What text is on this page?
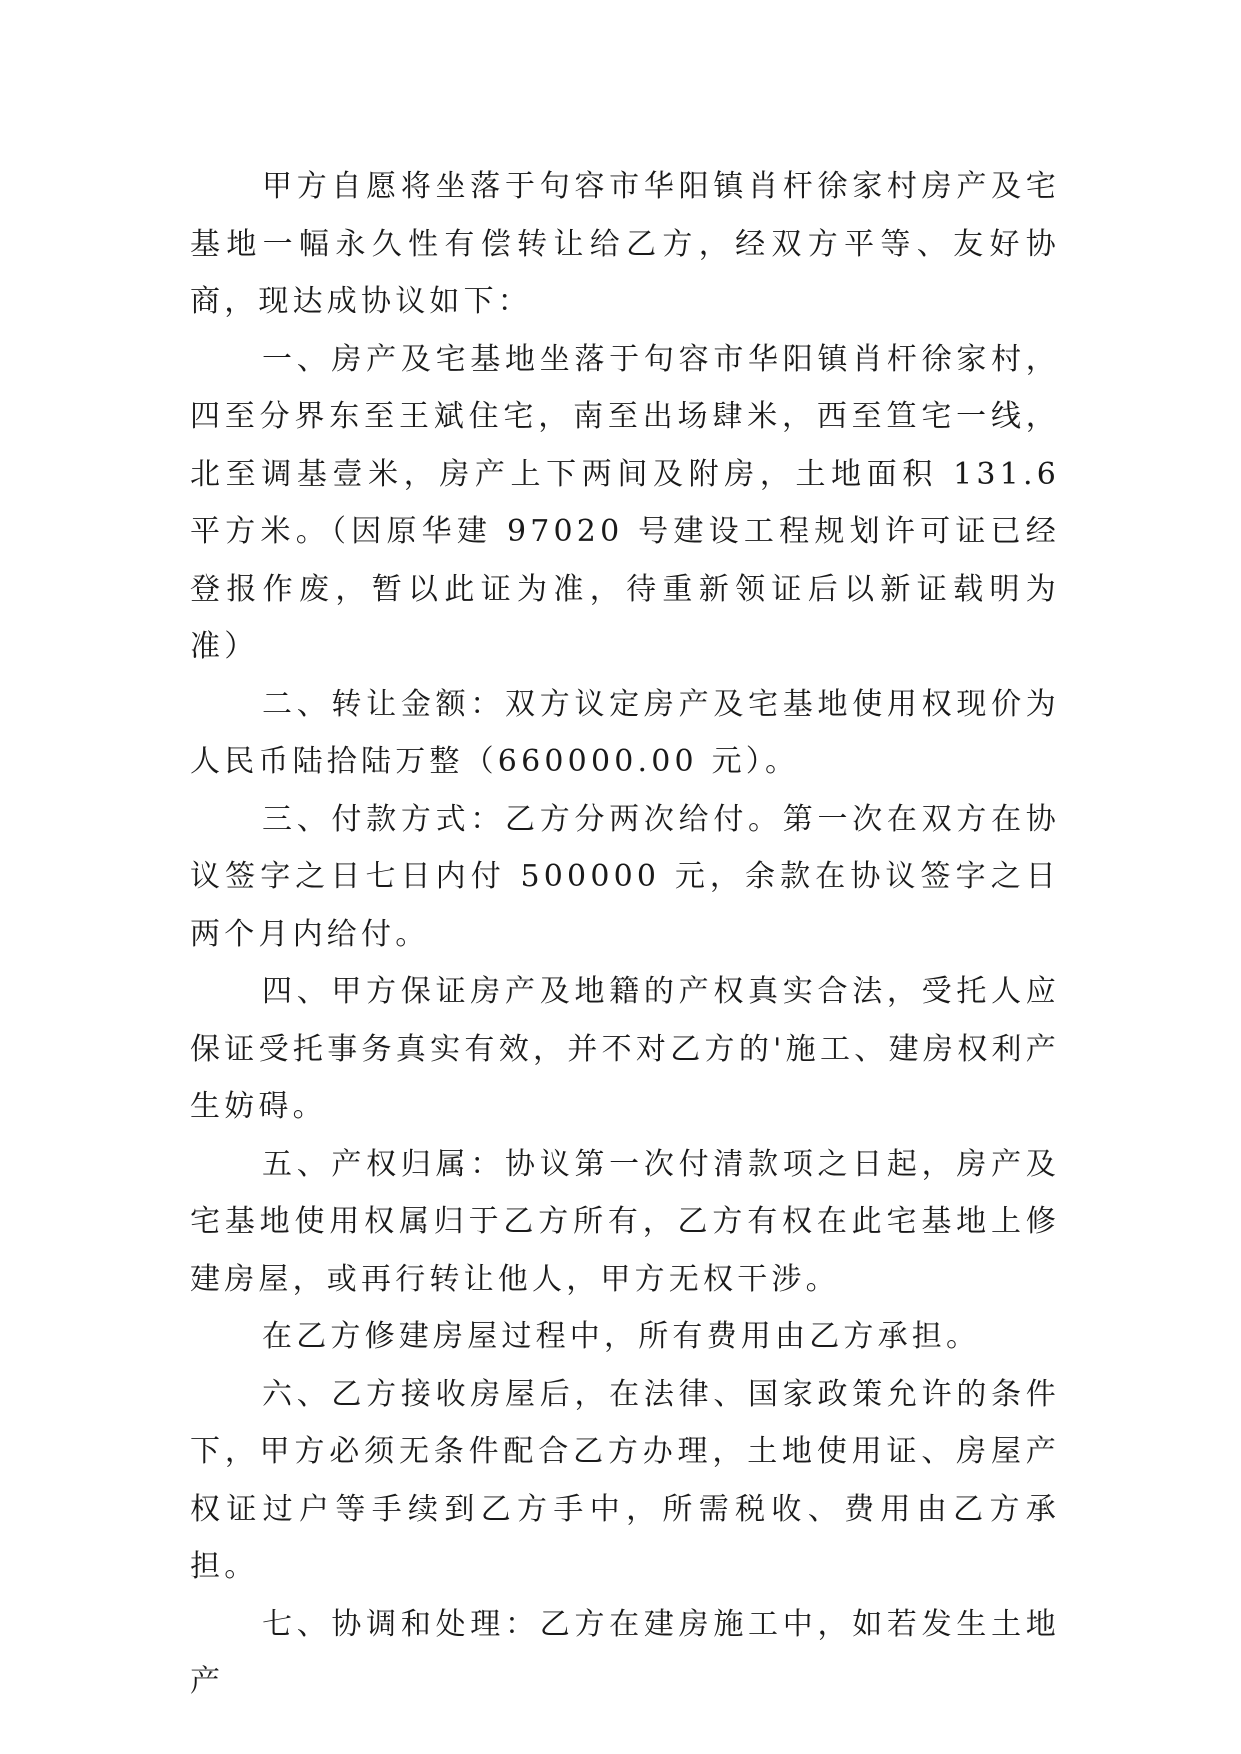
甲方自愿将坐落于句容市华阳镇肖杆徐家村房产及宅基地一幅永久性有偿转让给乙方，经双方平等、友好协商，现达成协议如下：

一、房产及宅基地坐落于句容市华阳镇肖杆徐家村，四至分界东至王斌住宅，南至出场肆米，西至笪宅一线，北至调基壹米，房产上下两间及附房，土地面积 131.6 平方米。（因原华建 97020 号建设工程规划许可证已经登报作废，暂以此证为准，待重新领证后以新证载明为准）

二、转让金额：双方议定房产及宅基地使用权现价为人民币陆拾陆万整（660000.00 元）。

三、付款方式：乙方分两次给付。第一次在双方在协议签字之日七日内付 500000 元，余款在协议签字之日两个月内给付。

四、甲方保证房产及地籍的产权真实合法，受托人应保证受托事务真实有效，并不对乙方的'施工、建房权利产生妨碍。

五、产权归属：协议第一次付清款项之日起，房产及宅基地使用权属归于乙方所有，乙方有权在此宅基地上修建房屋，或再行转让他人，甲方无权干涉。

在乙方修建房屋过程中，所有费用由乙方承担。

六、乙方接收房屋后，在法律、国家政策允许的条件下，甲方必须无条件配合乙方办理，土地使用证、房屋产权证过户等手续到乙方手中，所需税收、费用由乙方承担。

七、协调和处理：乙方在建房施工中，如若发生土地产
